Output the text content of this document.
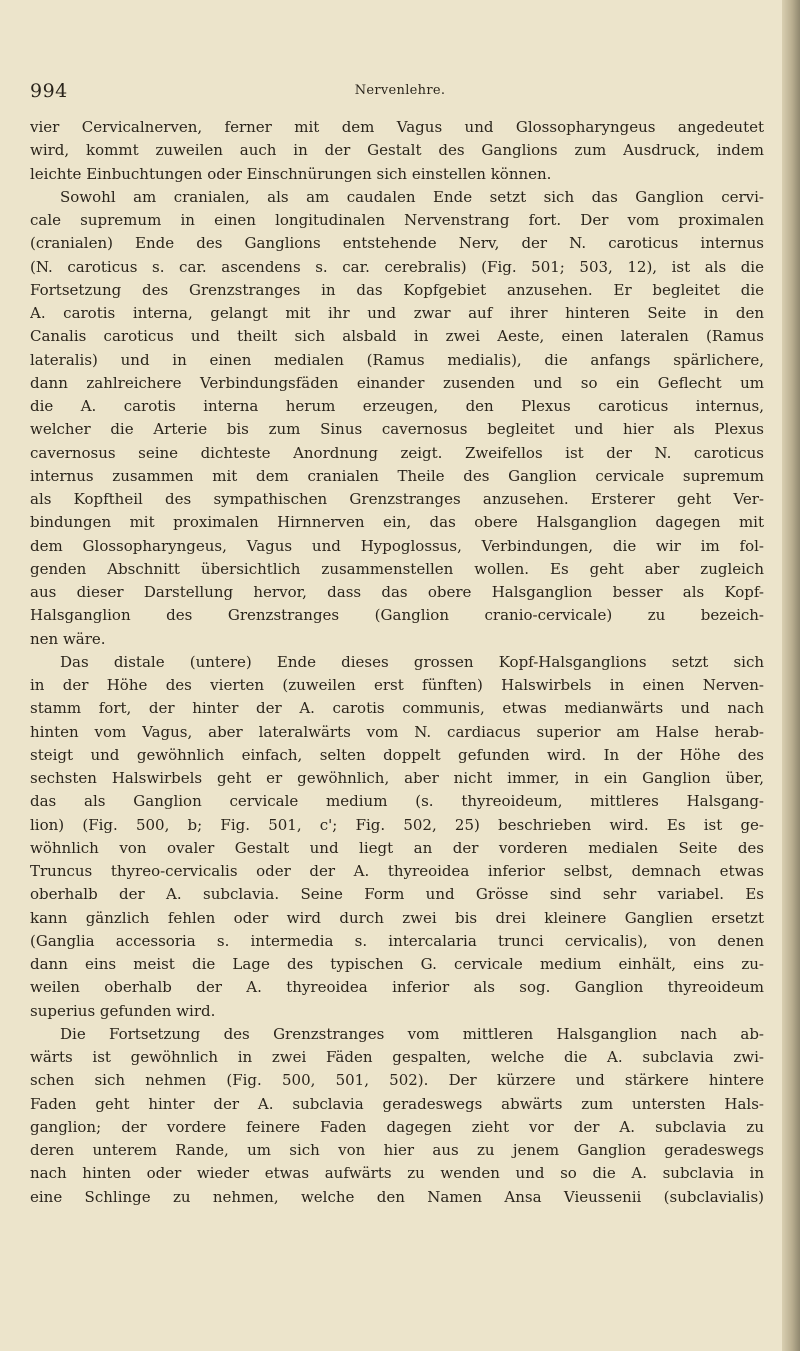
994	Nervenlehre.
vier Cervicalnerven, ferner mit dem Vagus und Glossopharyngeus angedeutet
wird, kommt zuweilen auch in der Gestalt des Ganglions zum Ausdruck, indem
leichte Einbuchtungen oder Einschnürungen sich einstellen können.
Sowohl am cranialen, als am caudalen Ende setzt sich das Ganglion cervi-
cale supremum in einen longitudinalen Nervenstrang fort. Der vom proximalen
(cranialen) Ende des Ganglions entstehende Nerv, der N. caroticus internus
(N. caroticus s. car. ascendens s. car. cerebralis) (Fig. 501; 503, 12), ist als die
Fortsetzung des Grenzstranges in das Kopfgebiet anzusehen. Er begleitet die
A. carotis interna, gelangt mit ihr und zwar auf ihrer hinteren Seite in den
Canalis caroticus und theilt sich alsbald in zwei Aeste, einen lateralen (Ramus
lateralis) und in einen medialen (Ramus medialis), die anfangs spärlichere,
dann zahlreichere Verbindungsfäden einander zusenden und so ein Geflecht um
die A. carotis interna herum erzeugen, den Plexus caroticus internus,
welcher die Arterie bis zum Sinus cavernosus begleitet und hier als Plexus
cavernosus seine dichteste Anordnung zeigt. Zweifellos ist der N. caroticus
internus zusammen mit dem cranialen Theile des Ganglion cervicale supremum
als Kopftheil des sympathischen Grenzstranges anzusehen. Ersterer geht Ver-
bindungen mit proximalen Hirnnerven ein, das obere Halsganglion dagegen mit
dem Glossopharyngeus, Vagus und Hypoglossus, Verbindungen, die wir im fol-
genden Abschnitt übersichtlich zusammenstellen wollen. Es geht aber zugleich
aus dieser Darstellung hervor, dass das obere Halsganglion besser als Kopf-
Halsganglion des Grenzstranges (Ganglion cranio-cervicale) zu bezeich-
nen wäre.
Das distale (untere) Ende dieses grossen Kopf-Halsganglions setzt sich
in der Höhe des vierten (zuweilen erst fünften) Halswirbels in einen Nerven-
stamm fort, der hinter der A. carotis communis, etwas medianwärts und nach
hinten vom Vagus, aber lateralwärts vom N. cardiacus superior am Halse herab-
steigt und gewöhnlich einfach, selten doppelt gefunden wird. In der Höhe des
sechsten Halswirbels geht er gewöhnlich, aber nicht immer, in ein Ganglion über,
das als Ganglion cervicale medium (s. thyreoideum, mittleres Halsgang-
lion) (Fig. 500, b; Fig. 501, c'; Fig. 502, 25) beschrieben wird. Es ist ge-
wöhnlich von ovaler Gestalt und liegt an der vorderen medialen Seite des
Truncus thyreo-cervicalis oder der A. thyreoidea inferior selbst, demnach etwas
oberhalb der A. subclavia. Seine Form und Grösse sind sehr variabel. Es
kann gänzlich fehlen oder wird durch zwei bis drei kleinere Ganglien ersetzt
(Ganglia accessoria s. intermedia s. intercalaria trunci cervicalis), von denen
dann eins meist die Lage des typischen G. cervicale medium einhält, eins zu-
weilen oberhalb der A. thyreoidea inferior als sog. Ganglion thyreoideum
superius gefunden wird.
Die Fortsetzung des Grenzstranges vom mittleren Halsganglion nach ab-
wärts ist gewöhnlich in zwei Fäden gespalten, welche die A. subclavia zwi-
schen sich nehmen (Fig. 500, 501, 502). Der kürzere und stärkere hintere
Faden geht hinter der A. subclavia geradeswegs abwärts zum untersten Hals-
ganglion; der vordere feinere Faden dagegen zieht vor der A. subclavia zu
deren unterem Rande, um sich von hier aus zu jenem Ganglion geradeswegs
nach hinten oder wieder etwas aufwärts zu wenden und so die A. subclavia in
eine Schlinge zu nehmen, welche den Namen Ansa Vieussenii (subclavialis)
